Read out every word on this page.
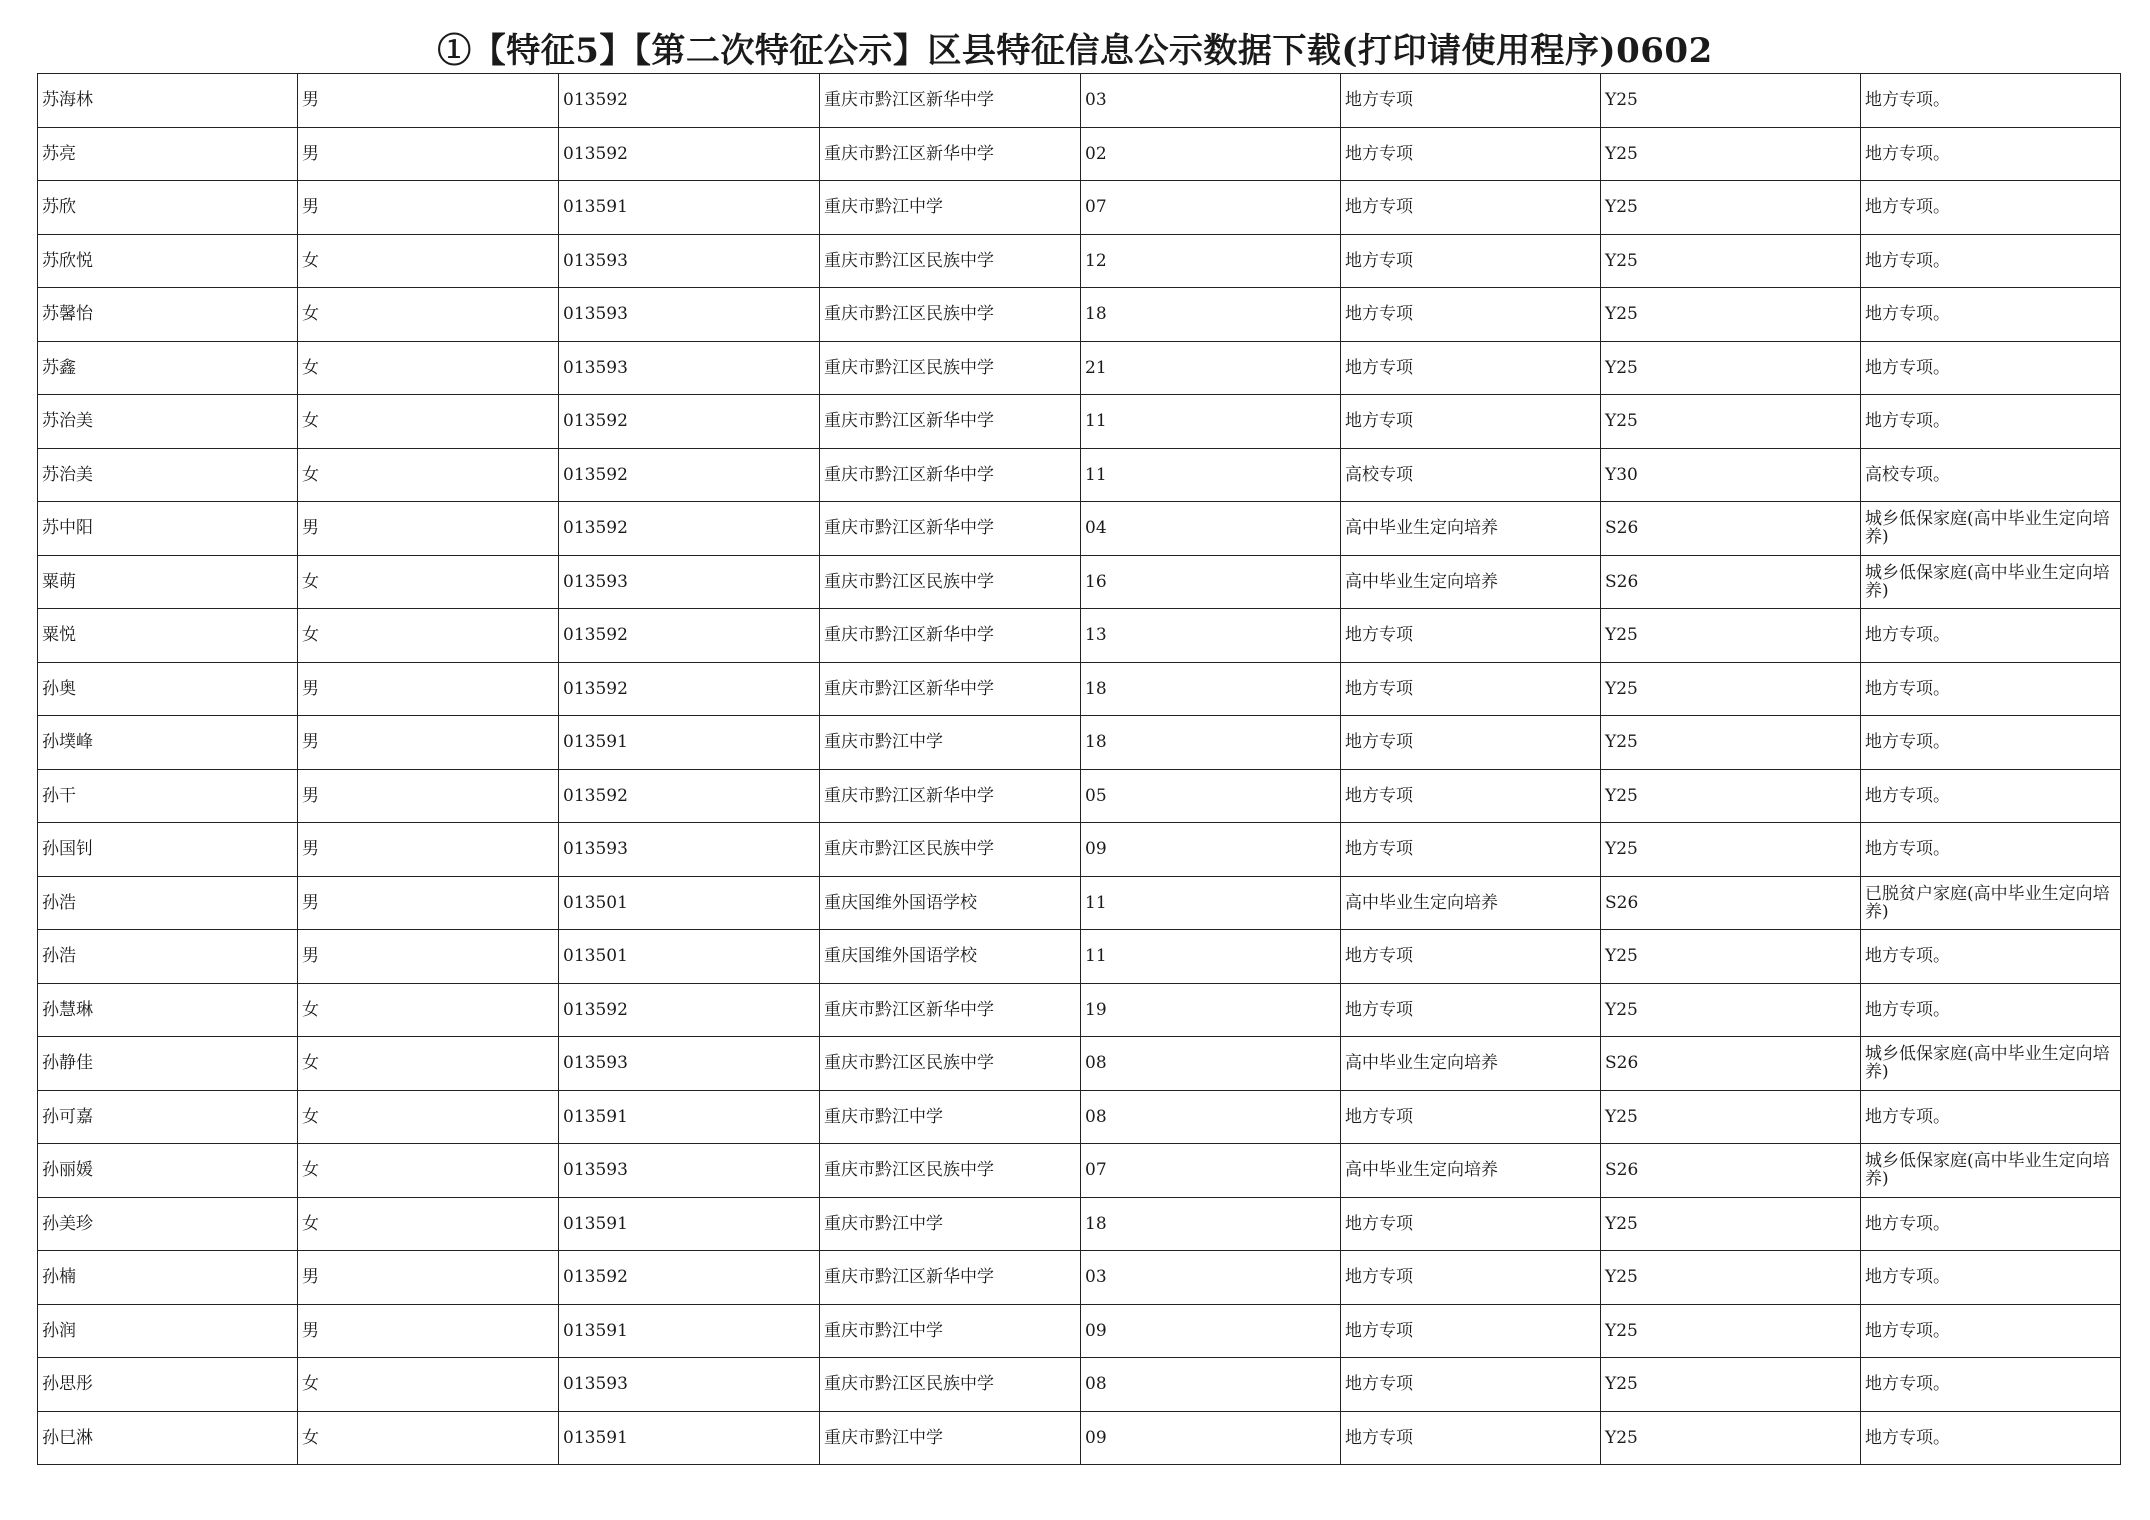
①【特征5】【第二次特征公示】区县特征信息公示数据下载(打印请使用程序)0602
苏海林	男	013592	重庆市黔江区新华中学	03	地方专项	Y25	地方专项。
苏亮	男	013592	重庆市黔江区新华中学	02	地方专项	Y25	地方专项。
苏欣	男	013591	重庆市黔江中学	07	地方专项	Y25	地方专项。
苏欣悦	女	013593	重庆市黔江区民族中学	12	地方专项	Y25	地方专项。
苏馨怡	女	013593	重庆市黔江区民族中学	18	地方专项	Y25	地方专项。
苏鑫	女	013593	重庆市黔江区民族中学	21	地方专项	Y25	地方专项。
苏治美	女	013592	重庆市黔江区新华中学	11	地方专项	Y25	地方专项。
苏治美	女	013592	重庆市黔江区新华中学	11	高校专项	Y30	高校专项。
苏中阳	男	013592	重庆市黔江区新华中学	04	高中毕业生定向培养	S26	城乡低保家庭(高中毕业生定向培养)
粟萌	女	013593	重庆市黔江区民族中学	16	高中毕业生定向培养	S26	城乡低保家庭(高中毕业生定向培养)
粟悦	女	013592	重庆市黔江区新华中学	13	地方专项	Y25	地方专项。
孙奥	男	013592	重庆市黔江区新华中学	18	地方专项	Y25	地方专项。
孙墣峰	男	013591	重庆市黔江中学	18	地方专项	Y25	地方专项。
孙干	男	013592	重庆市黔江区新华中学	05	地方专项	Y25	地方专项。
孙国钊	男	013593	重庆市黔江区民族中学	09	地方专项	Y25	地方专项。
孙浩	男	013501	重庆国维外国语学校	11	高中毕业生定向培养	S26	已脱贫户家庭(高中毕业生定向培养)
孙浩	男	013501	重庆国维外国语学校	11	地方专项	Y25	地方专项。
孙慧琳	女	013592	重庆市黔江区新华中学	19	地方专项	Y25	地方专项。
孙静佳	女	013593	重庆市黔江区民族中学	08	高中毕业生定向培养	S26	城乡低保家庭(高中毕业生定向培养)
孙可嘉	女	013591	重庆市黔江中学	08	地方专项	Y25	地方专项。
孙丽媛	女	013593	重庆市黔江区民族中学	07	高中毕业生定向培养	S26	城乡低保家庭(高中毕业生定向培养)
孙美珍	女	013591	重庆市黔江中学	18	地方专项	Y25	地方专项。
孙楠	男	013592	重庆市黔江区新华中学	03	地方专项	Y25	地方专项。
孙润	男	013591	重庆市黔江中学	09	地方专项	Y25	地方专项。
孙思彤	女	013593	重庆市黔江区民族中学	08	地方专项	Y25	地方专项。
孙巳淋	女	013591	重庆市黔江中学	09	地方专项	Y25	地方专项。
